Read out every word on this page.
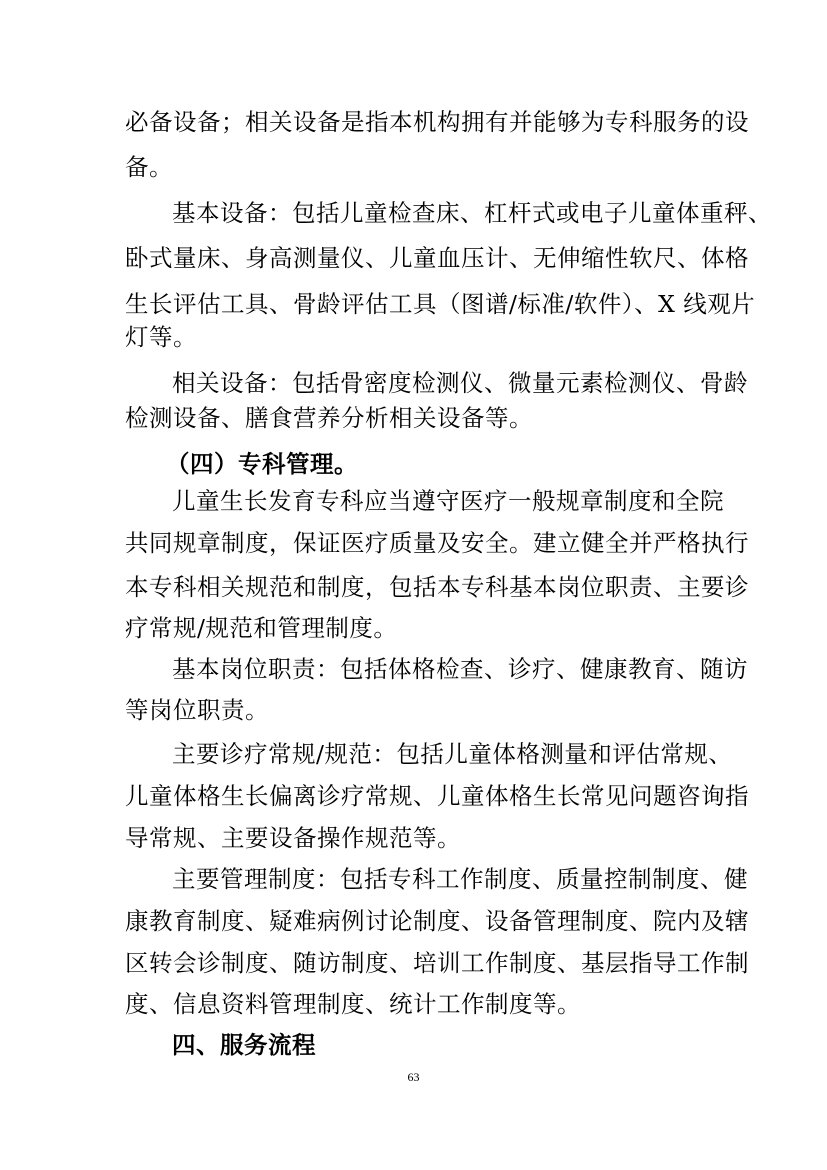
必备设备；相关设备是指本机构拥有并能够为专科服务的设
备。
基本设备：包括儿童检查床、杠杆式或电子儿童体重秤、
卧式量床、身高测量仪、儿童血压计、无伸缩性软尺、体格
生长评估工具、骨龄评估工具（图谱/标准/软件）、X 线观片
灯等。
相关设备：包括骨密度检测仪、微量元素检测仪、骨龄
检测设备、膳食营养分析相关设备等。
（四）专科管理。
儿童生长发育专科应当遵守医疗一般规章制度和全院
共同规章制度，保证医疗质量及安全。建立健全并严格执行
本专科相关规范和制度，包括本专科基本岗位职责、主要诊
疗常规/规范和管理制度。
基本岗位职责：包括体格检查、诊疗、健康教育、随访
等岗位职责。
主要诊疗常规/规范：包括儿童体格测量和评估常规、
儿童体格生长偏离诊疗常规、儿童体格生长常见问题咨询指
导常规、主要设备操作规范等。
主要管理制度：包括专科工作制度、质量控制制度、健
康教育制度、疑难病例讨论制度、设备管理制度、院内及辖
区转会诊制度、随访制度、培训工作制度、基层指导工作制
度、信息资料管理制度、统计工作制度等。
四、服务流程
63
